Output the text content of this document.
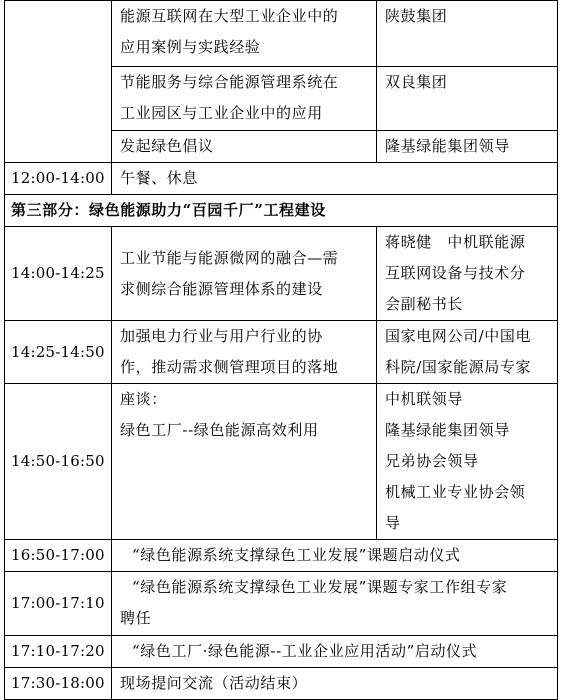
	能源互联网在大型工业企业中的
应用案例与实践经验	陕鼓集团

	节能服务与综合能源管理系统在
工业园区与工业企业中的应用	双良集团

	发起绿色倡议	隆基绿能集团领导

12:00-14:00	午餐、休息	
第三部分：绿色能源助力“百园千厂”工程建设		
14:00-14:25	工业节能与能源微网的融合—需
求侧综合能源管理体系的建设	蒋晓健　中机联能源
互联网设备与技术分
会副秘书长

14:25-14:50	加强电力行业与用户行业的协
作，推动需求侧管理项目的落地	国家电网公司/中国电
科院/国家能源局专家

14:50-16:50	座谈：
绿色工厂--绿色能源高效利用	中机联领导
隆基绿能集团领导
兄弟协会领导
机械工业专业协会领
导

16:50-17:00	“绿色能源系统支撑绿色工业发展”课题启动仪式	
17:00-17:10	“绿色能源系统支撑绿色工业发展”课题专家工作组专家
聘任	

17:10-17:20	“绿色工厂·绿色能源--工业企业应用活动”启动仪式	
17:30-18:00	现场提问交流（活动结束）	
